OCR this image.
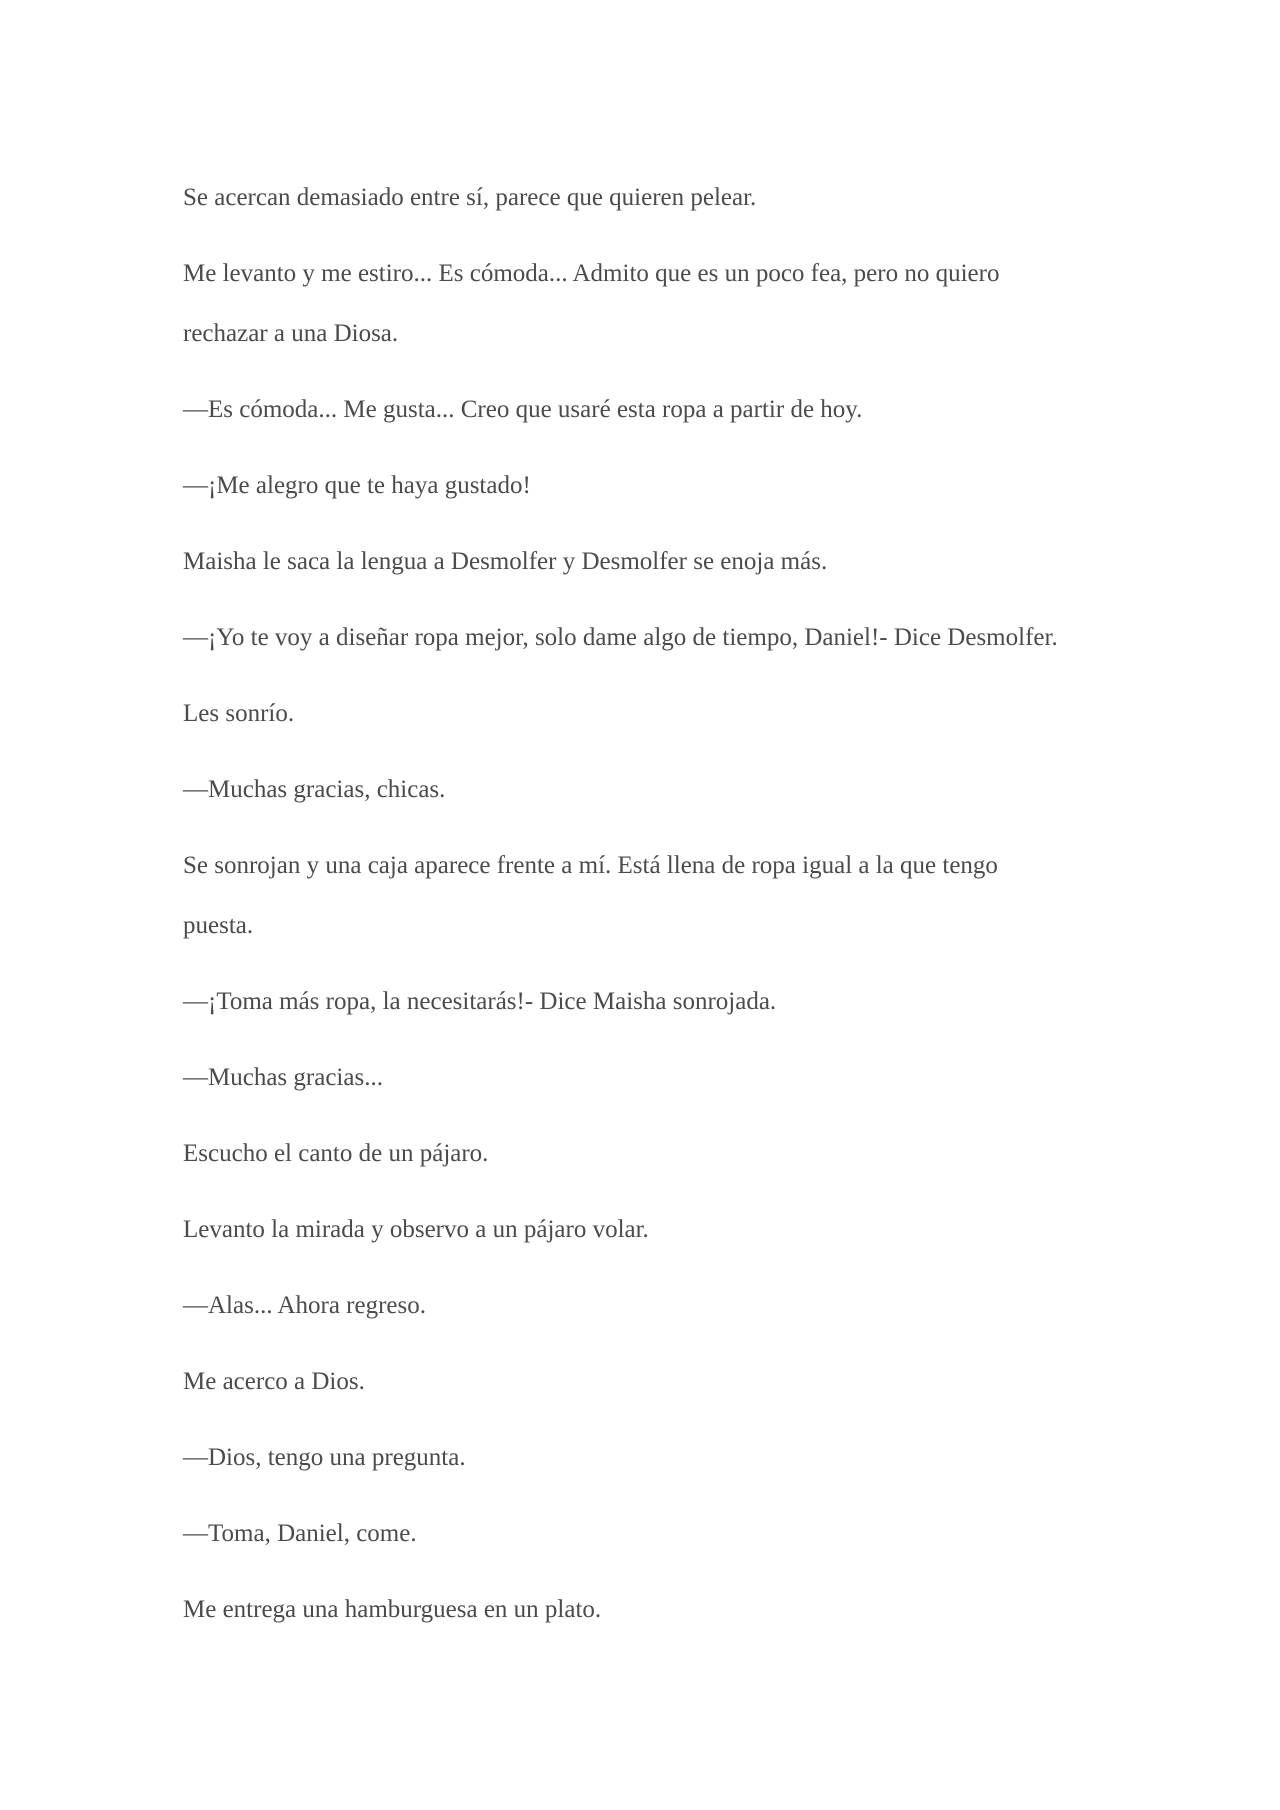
Se acercan demasiado entre sí, parece que quieren pelear.

Me levanto y me estiro... Es cómoda... Admito que es un poco fea, pero no quiero

rechazar a una Diosa.

—Es cómoda... Me gusta... Creo que usaré esta ropa a partir de hoy.

—¡Me alegro que te haya gustado!

Maisha le saca la lengua a Desmolfer y Desmolfer se enoja más.

—¡Yo te voy a diseñar ropa mejor, solo dame algo de tiempo, Daniel!- Dice Desmolfer.

Les sonrío.

—Muchas gracias, chicas.

Se sonrojan y una caja aparece frente a mí. Está llena de ropa igual a la que tengo

puesta.

—¡Toma más ropa, la necesitarás!- Dice Maisha sonrojada.

—Muchas gracias...

Escucho el canto de un pájaro.

Levanto la mirada y observo a un pájaro volar.

—Alas... Ahora regreso.

Me acerco a Dios.

—Dios, tengo una pregunta.

—Toma, Daniel, come.

Me entrega una hamburguesa en un plato.
